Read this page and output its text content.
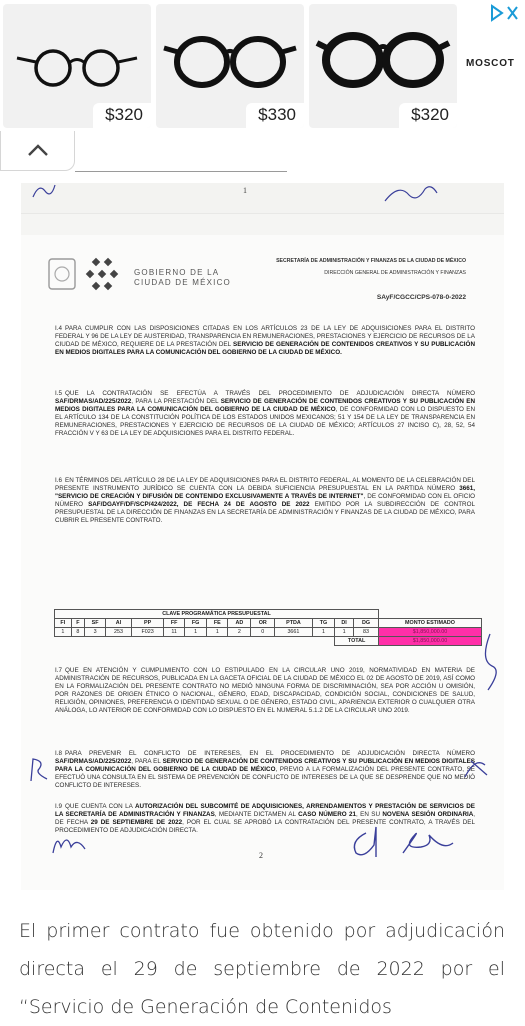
$320	$330	$320
MOSCOT
1
GOBIERNO DE LA
CIUDAD DE MÉXICO
SECRETARÍA DE ADMINISTRACIÓN Y FINANZAS DE LA CIUDAD DE MÉXICO
DIRECCIÓN GENERAL DE ADMINISTRACIÓN Y FINANZAS
SAyF/CGCC/CPS-078-0-2022
I.4 PARA CUMPLIR CON LAS DISPOSICIONES CITADAS EN LOS ARTÍCULOS 23 DE LA LEY DE ADQUISICIONES PARA EL DISTRITO FEDERAL Y 96 DE LA LEY DE AUSTERIDAD, TRANSPARENCIA EN REMUNERACIONES, PRESTACIONES Y EJERCICIO DE RECURSOS DE LA CIUDAD DE MÉXICO, REQUIERE DE LA PRESTACIÓN DEL SERVICIO DE GENERACIÓN DE CONTENIDOS CREATIVOS Y SU PUBLICACIÓN EN MEDIOS DIGITALES PARA LA COMUNICACIÓN DEL GOBIERNO DE LA CIUDAD DE MÉXICO.
I.5 QUE LA CONTRATACIÓN SE EFECTÚA A TRAVÉS DEL PROCEDIMIENTO DE ADJUDICACIÓN DIRECTA NÚMERO SAF/DRMAS/AD/225/2022, PARA LA PRESTACIÓN DEL SERVICIO DE GENERACIÓN DE CONTENIDOS CREATIVOS Y SU PUBLICACIÓN EN MEDIOS DIGITALES PARA LA COMUNICACIÓN DEL GOBIERNO DE LA CIUDAD DE MÉXICO, DE CONFORMIDAD CON LO DISPUESTO EN EL ARTÍCULO 134 DE LA CONSTITUCIÓN POLÍTICA DE LOS ESTADOS UNIDOS MEXICANOS; 51 Y 154 DE LA LEY DE TRANSPARENCIA EN REMUNERACIONES, PRESTACIONES Y EJERCICIO DE RECURSOS DE LA CIUDAD DE MÉXICO; ARTÍCULOS 27 INCISO C), 28, 52, 54 FRACCIÓN V Y 63 DE LA LEY DE ADQUISICIONES PARA EL DISTRITO FEDERAL.
I.6 EN TÉRMINOS DEL ARTÍCULO 28 DE LA LEY DE ADQUISICIONES PARA EL DISTRITO FEDERAL, AL MOMENTO DE LA CELEBRACIÓN DEL PRESENTE INSTRUMENTO JURÍDICO SE CUENTA CON LA DEBIDA SUFICIENCIA PRESUPUESTAL EN LA PARTIDA NÚMERO 3661, "SERVICIO DE CREACIÓN Y DIFUSIÓN DE CONTENIDO EXCLUSIVAMENTE A TRAVÉS DE INTERNET", DE CONFORMIDAD CON EL OFICIO NÚMERO SAF/DGAYF/DF/SCP/424/2022, DE FECHA 24 DE AGOSTO DE 2022 EMITIDO POR LA SUBDIRECCIÓN DE CONTROL PRESUPUESTAL DE LA DIRECCIÓN DE FINANZAS EN LA SECRETARÍA DE ADMINISTRACIÓN Y FINANZAS DE LA CIUDAD DE MÉXICO, PARA CUBRIR EL PRESENTE CONTRATO.
CLAVE PROGRAMÁTICA PRESUPUESTAL														
FI	F	SF	AI	PP	FF	FG	FE	AD	OR	PTDA	TG	DI	DG	MONTO ESTIMADO
1	8	3	253	F023	11	1	1	2	0	3661	1	1	83	$1,850,000.00
												TOTAL		$1,850,000.00
I.7 QUE EN ATENCIÓN Y CUMPLIMIENTO CON LO ESTIPULADO EN LA CIRCULAR UNO 2019, NORMATIVIDAD EN MATERIA DE ADMINISTRACIÓN DE RECURSOS, PUBLICADA EN LA GACETA OFICIAL DE LA CIUDAD DE MÉXICO EL 02 DE AGOSTO DE 2019, ASÍ COMO EN LA FORMALIZACIÓN DEL PRESENTE CONTRATO NO MEDIÓ NINGUNA FORMA DE DISCRIMINACIÓN, SEA POR ACCIÓN U OMISIÓN, POR RAZONES DE ORIGEN ÉTNICO O NACIONAL, GÉNERO, EDAD, DISCAPACIDAD, CONDICIÓN SOCIAL, CONDICIONES DE SALUD, RELIGIÓN, OPINIONES, PREFERENCIA O IDENTIDAD SEXUAL O DE GÉNERO, ESTADO CIVIL, APARIENCIA EXTERIOR O CUALQUIER OTRA ANÁLOGA, LO ANTERIOR DE CONFORMIDAD CON LO DISPUESTO EN EL NUMERAL 5.1.2 DE LA CIRCULAR UNO 2019.
I.8 PARA PREVENIR EL CONFLICTO DE INTERESES, EN EL PROCEDIMIENTO DE ADJUDICACIÓN DIRECTA NÚMERO SAF/DRMAS/AD/225/2022, PARA EL SERVICIO DE GENERACIÓN DE CONTENIDOS CREATIVOS Y SU PUBLICACIÓN EN MEDIOS DIGITALES PARA LA COMUNICACIÓN DEL GOBIERNO DE LA CIUDAD DE MÉXICO, PREVIO A LA FORMALIZACIÓN DEL PRESENTE CONTRATO, SE EFECTUÓ UNA CONSULTA EN EL SISTEMA DE PREVENCIÓN DE CONFLICTO DE INTERESES DE LA QUE SE DESPRENDE QUE NO MEDIÓ CONFLICTO DE INTERESES.
I.9 QUE CUENTA CON LA AUTORIZACIÓN DEL SUBCOMITÉ DE ADQUISICIONES, ARRENDAMIENTOS Y PRESTACIÓN DE SERVICIOS DE LA SECRETARÍA DE ADMINISTRACIÓN Y FINANZAS, MEDIANTE DICTAMEN AL CASO NÚMERO 21, EN SU NOVENA SESIÓN ORDINARIA, DE FECHA 29 DE SEPTIEMBRE DE 2022, POR EL CUAL SE APROBÓ LA CONTRATACIÓN DEL PRESENTE CONTRATO, A TRAVÉS DEL PROCEDIMIENTO DE ADJUDICACIÓN DIRECTA.
2
El primer contrato fue obtenido por adjudicación directa el 29 de septiembre de 2022 por el “Servicio de Generación de Contenidos
